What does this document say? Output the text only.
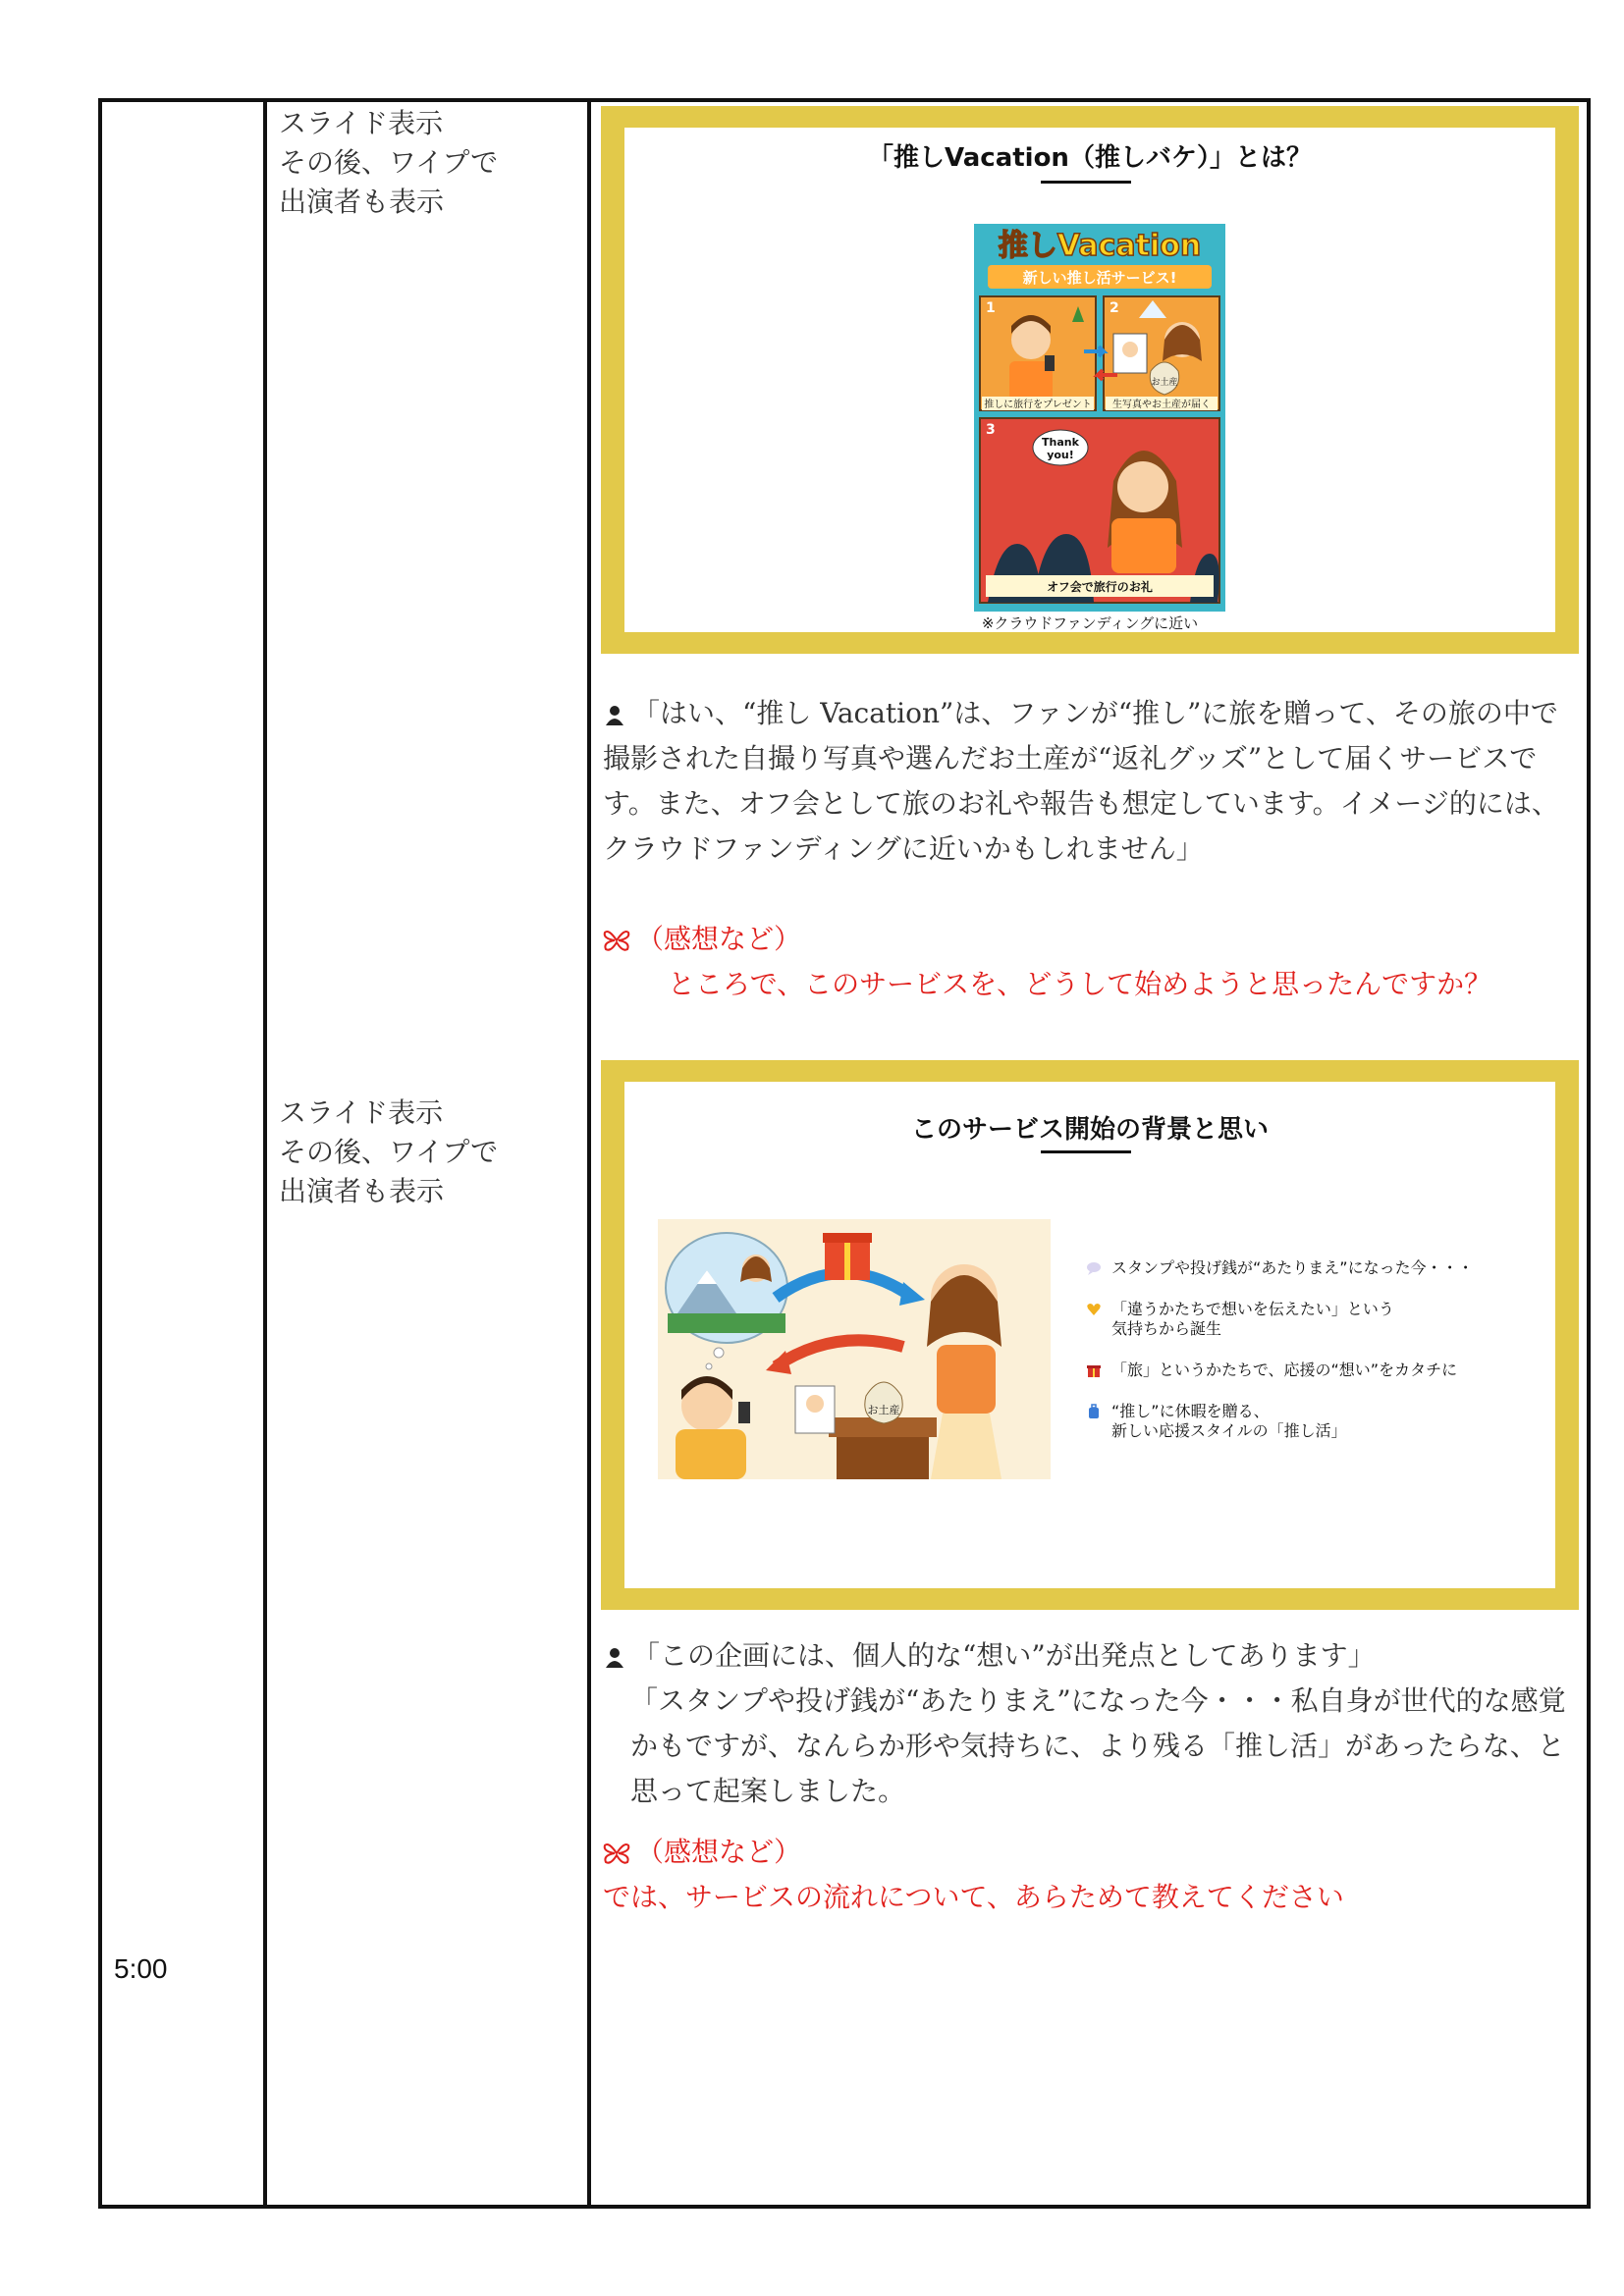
5:00
スライド表示
その後、ワイプで
出演者も表示
スライド表示
その後、ワイプで
出演者も表示
「推しVacation（推しバケ）」とは？
推しVacation
新しい推し活サービス!
1
推しに旅行をプレゼント
2
お土産
生写真やお土産が届く
3
Thank
you!
オフ会で旅行のお礼
※クラウドファンディングに近い
「はい、“推し Vacation”は、ファンが“推し”に旅を贈って、その旅の中で撮影された自撮り写真や選んだお土産が“返礼グッズ”として届くサービスです。また、オフ会として旅のお礼や報告も想定しています。イメージ的には、クラウドファンディングに近いかもしれません」
（感想など）
ところで、このサービスを、どうして始めようと思ったんですか？
このサービス開始の背景と思い
お土産
スタンプや投げ銭が“あたりまえ”になった今・・・
「違うかたちで想いを伝えたい」という
気持ちから誕生
「旅」というかたちで、応援の“想い”をカタチに
“推し”に休暇を贈る、
新しい応援スタイルの「推し活」
「この企画には、個人的な“想い”が出発点としてあります」
「スタンプや投げ銭が“あたりまえ”になった今・・・私自身が世代的な感覚かもですが、なんらか形や気持ちに、より残る「推し活」があったらな、と思って起案しました。
（感想など）
では、サービスの流れについて、あらためて教えてください
